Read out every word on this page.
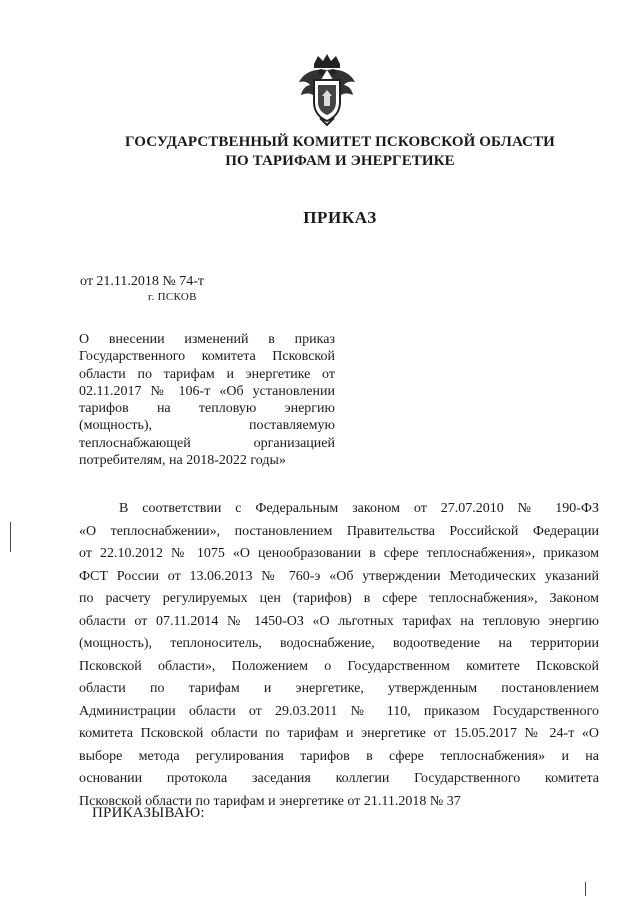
ГОСУДАРСТВЕННЫЙ КОМИТЕТ ПСКОВСКОЙ ОБЛАСТИ
ПО ТАРИФАМ И ЭНЕРГЕТИКЕ
ПРИКАЗ
от 21.11.2018 № 74-т
г. ПСКОВ
О внесении изменений в приказ
Государственного комитета Псковской
области по тарифам и энергетике от
02.11.2017 № 106-т «Об установлении
тарифов на тепловую энергию
(мощность), поставляемую
теплоснабжающей организацией
потребителям, на 2018-2022 годы»
В соответствии с Федеральным законом от 27.07.2010 № 190-ФЗ
«О теплоснабжении», постановлением Правительства Российской Федерации
от 22.10.2012 № 1075 «О ценообразовании в сфере теплоснабжения», приказом
ФСТ России от 13.06.2013 № 760-э «Об утверждении Методических указаний
по расчету регулируемых цен (тарифов) в сфере теплоснабжения», Законом
области от 07.11.2014 № 1450-ОЗ «О льготных тарифах на тепловую энергию
(мощность), теплоноситель, водоснабжение, водоотведение на территории
Псковской области», Положением о Государственном комитете Псковской
области по тарифам и энергетике, утвержденным постановлением
Администрации области от 29.03.2011 № 110, приказом Государственного
комитета Псковской области по тарифам и энергетике от 15.05.2017 № 24-т «О
выборе метода регулирования тарифов в сфере теплоснабжения» и на
основании протокола заседания коллегии Государственного комитета
Псковской области по тарифам и энергетике от 21.11.2018 № 37
ПРИКАЗЫВАЮ:
